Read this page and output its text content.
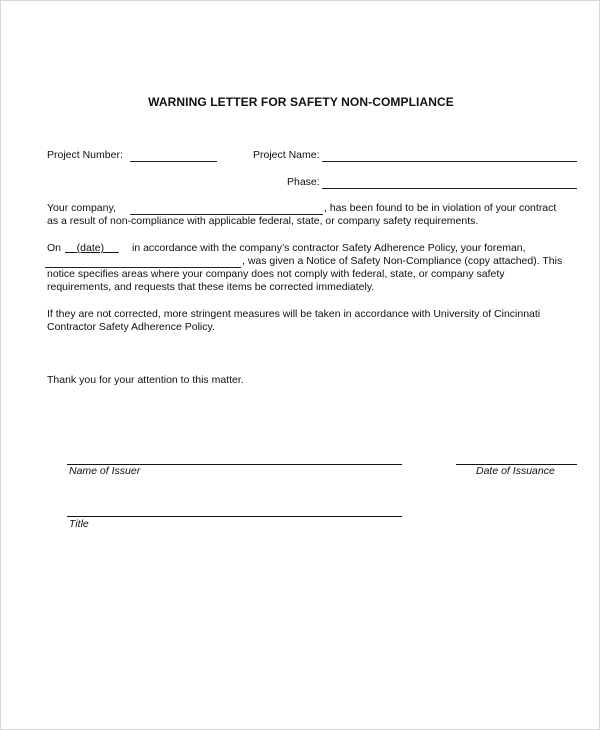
WARNING LETTER FOR SAFETY NON-COMPLIANCE

Project Number:	Project Name:

Phase:

Your company,	, has been found to be in violation of your contract

as a result of non-compliance with applicable federal, state, or company safety requirements.

On	(date)	in accordance with the company’s contractor Safety Adherence Policy, your foreman,

, was given a Notice of Safety Non-Compliance (copy attached). This

notice specifies areas where your company does not comply with federal, state, or company safety

requirements, and requests that these items be corrected immediately.

If they are not corrected, more stringent measures will be taken in accordance with University of Cincinnati

Contractor Safety Adherence Policy.

Thank you for your attention to this matter.

Name of Issuer	Date of Issuance

Title
